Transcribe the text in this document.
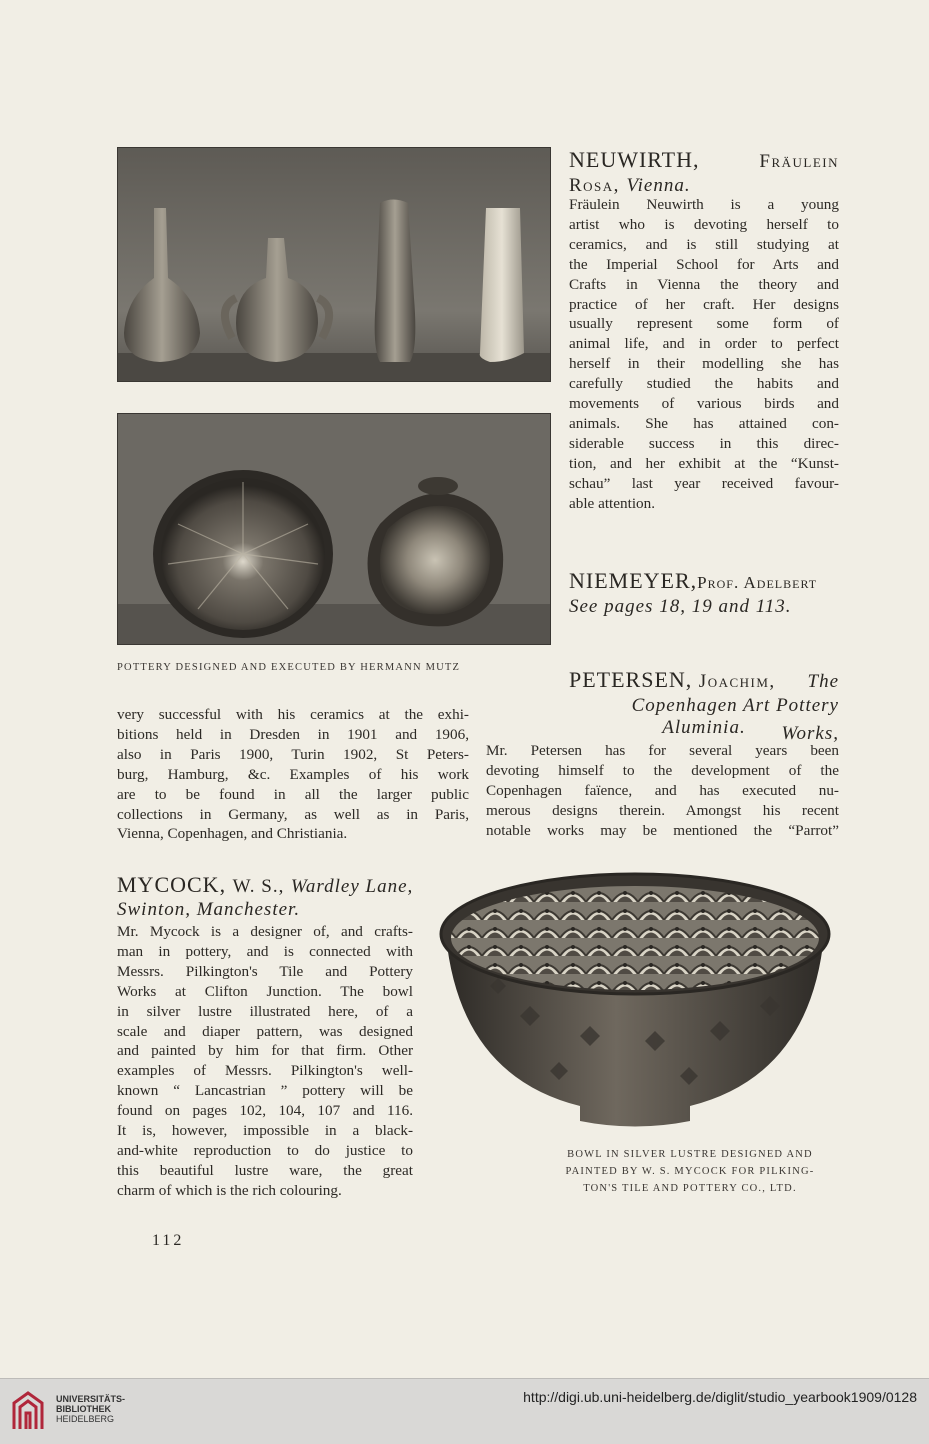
POTTERY DESIGNED AND EXECUTED BY HERMANN MUTZ
NEUWIRTH,	Fräulein
Rosa, Vienna.

Fräulein Neuwirth is a young

artist who is devoting herself to

ceramics, and is still studying at

the Imperial School for Arts and

Crafts in Vienna the theory and

practice of her craft. Her designs

usually represent some form of

animal life, and in order to perfect

herself in their modelling she has

carefully studied the habits and

movements of various birds and

animals. She has attained con-

siderable success in this direc-

tion, and her exhibit at the “Kunst-

schau” last year received favour-

able attention.

NIEMEYER,Prof. Adelbert
See pages 18, 19 and 113.
PETERSEN, Joachim, The
Copenhagen Art Pottery Works,
Aluminia.

Mr. Petersen has for several years been

devoting himself to the development of the

Copenhagen faïence, and has executed nu-

merous designs therein. Amongst his recent

notable works may be mentioned the “Parrot”

very successful with his ceramics at the exhi-

bitions held in Dresden in 1901 and 1906,

also in Paris 1900, Turin 1902, St Peters-

burg, Hamburg, &c. Examples of his work

are to be found in all the larger public

collections in Germany, as well as in Paris,

Vienna, Copenhagen, and Christiania.

MYCOCK, W. S., Wardley Lane,
Swinton, Manchester.

Mr. Mycock is a designer of, and crafts-

man in pottery, and is connected with

Messrs. Pilkington's Tile and Pottery

Works at Clifton Junction. The bowl

in silver lustre illustrated here, of a

scale and diaper pattern, was designed

and painted by him for that firm. Other

examples of Messrs. Pilkington's well-

known “ Lancastrian ” pottery will be

found on pages 102, 104, 107 and 116.

It is, however, impossible in a black-

and-white reproduction to do justice to

this beautiful lustre ware, the great

charm of which is the rich colouring.

BOWL IN SILVER LUSTRE DESIGNED AND
PAINTED BY W. S. MYCOCK FOR PILKING-
TON'S TILE AND POTTERY CO., LTD.
112
UNIVERSITÄTS-
BIBLIOTHEK
HEIDELBERG
http://digi.ub.uni-heidelberg.de/diglit/studio_yearbook1909/0128
